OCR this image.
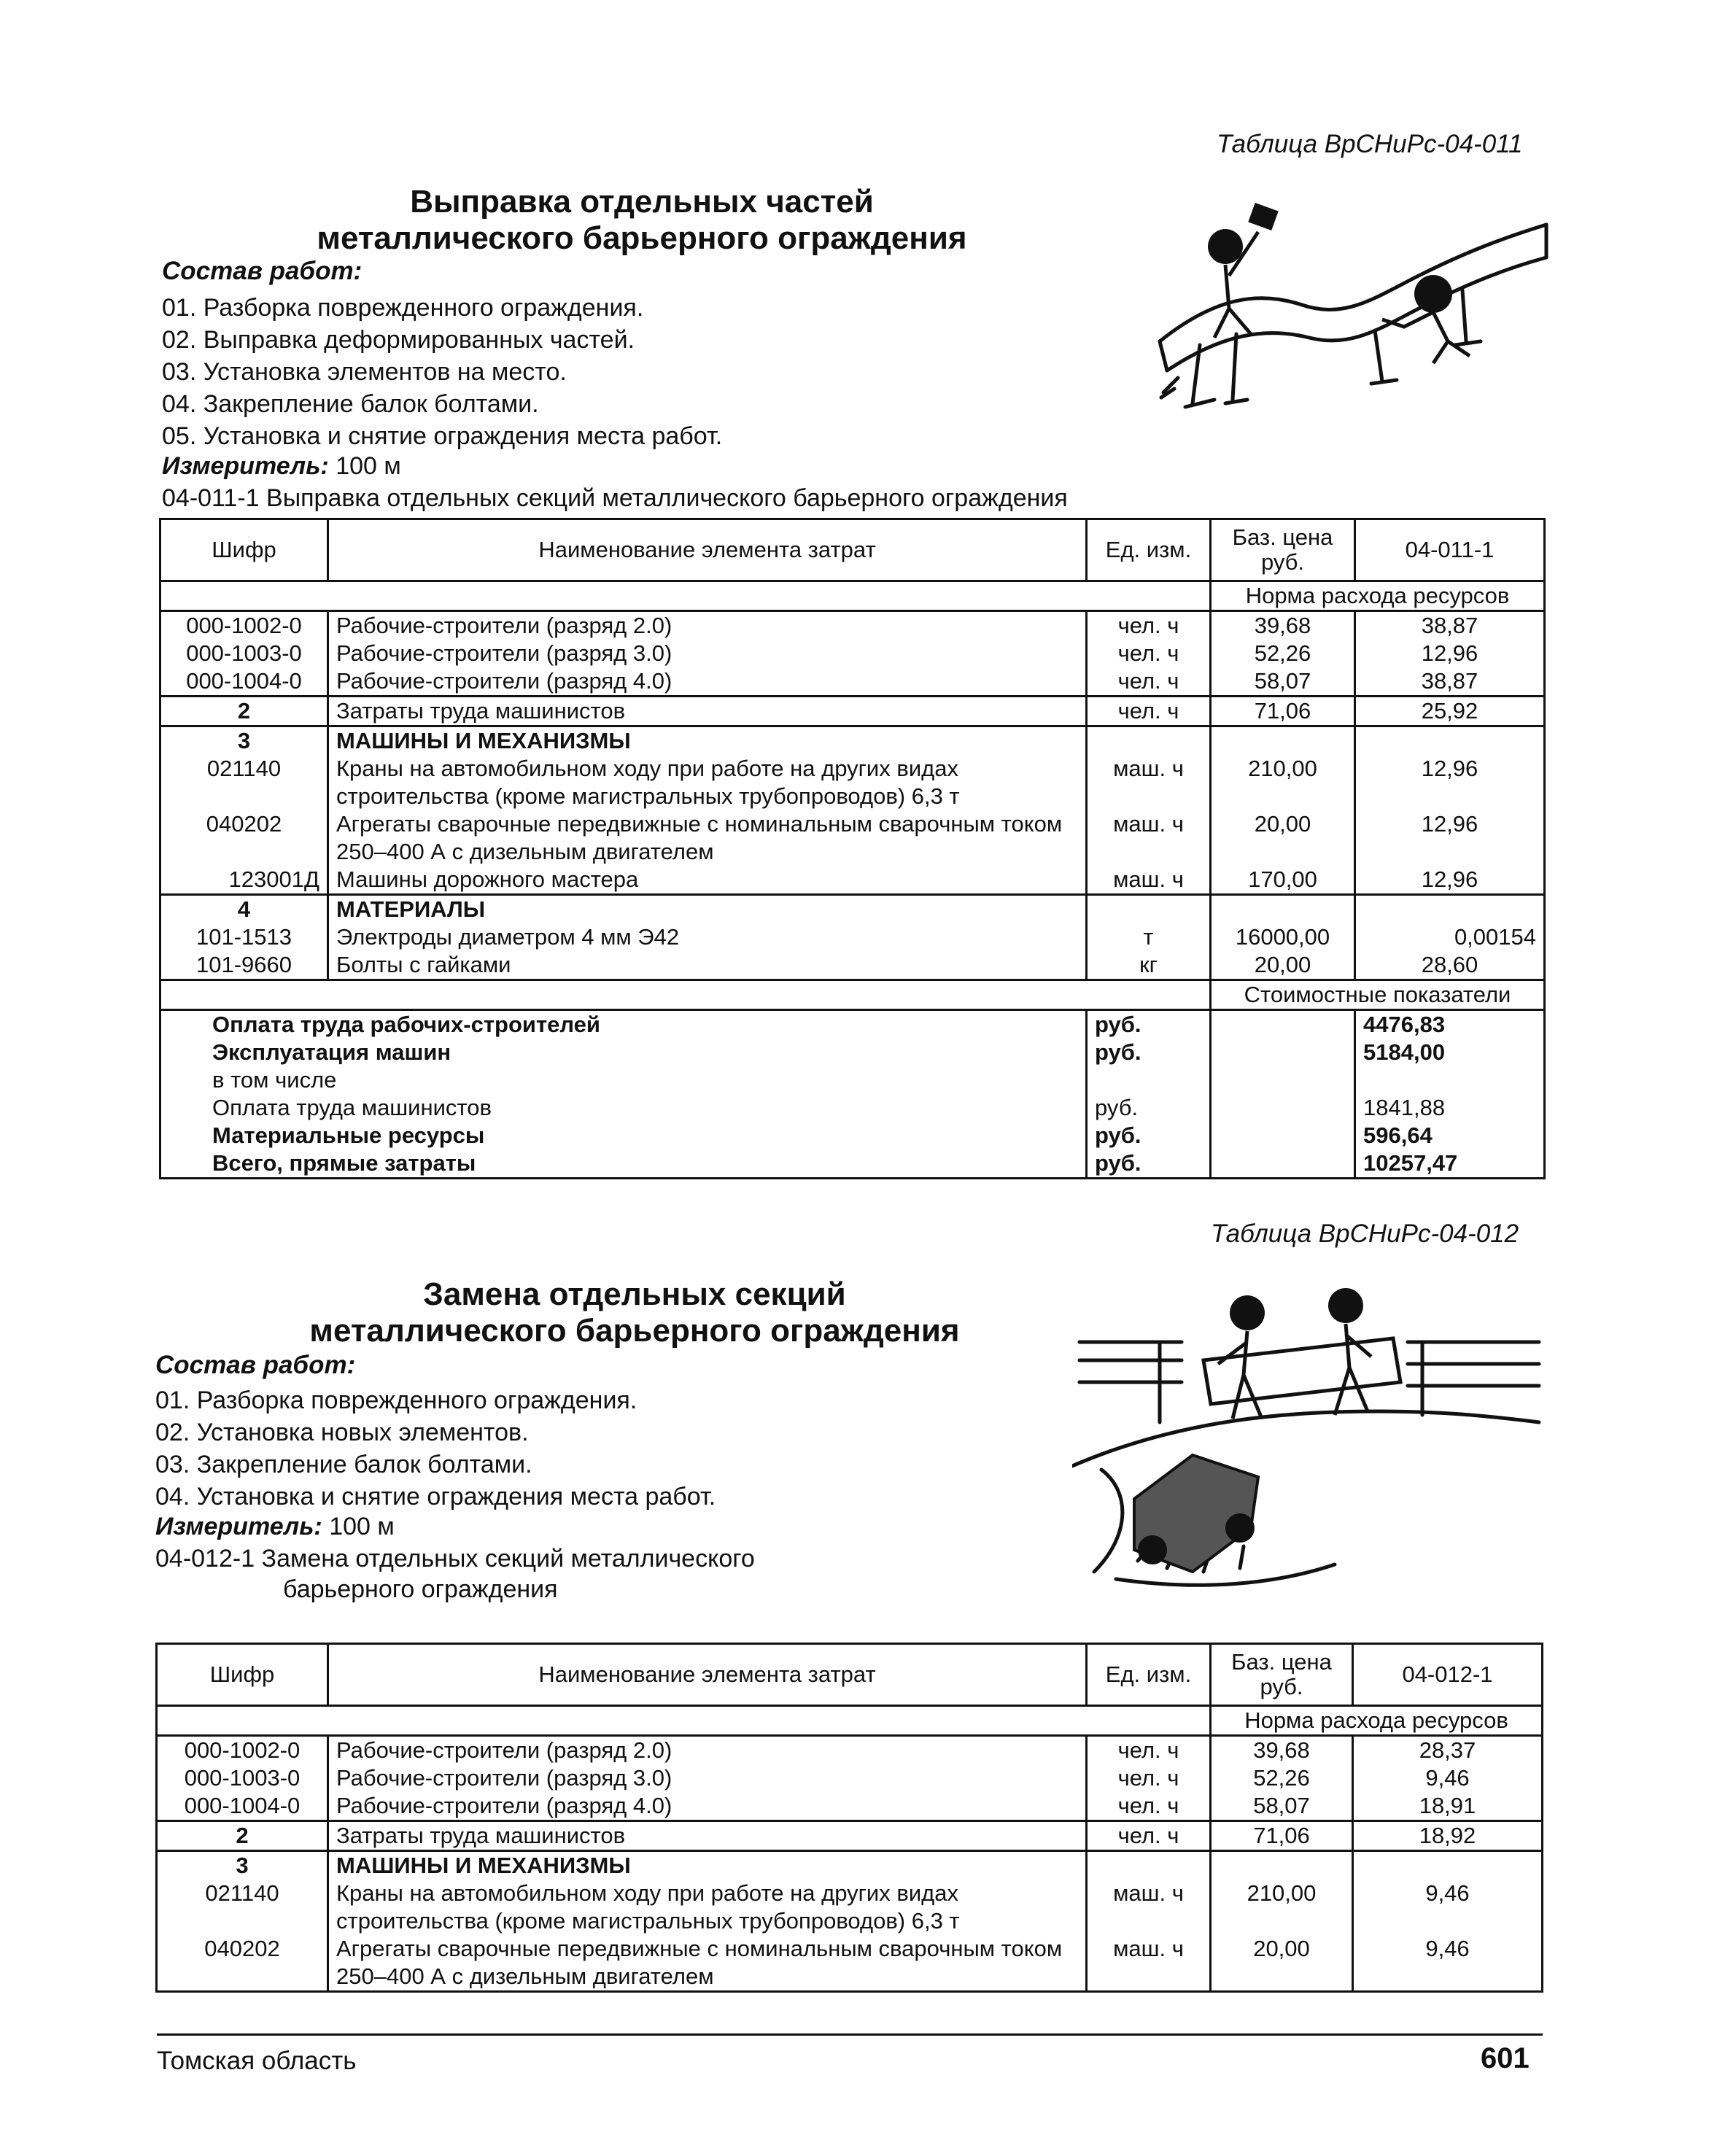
Таблица ВрСНиРс-04-011
Выправка отдельных частей
металлического барьерного ограждения
Состав работ:
01. Разборка поврежденного ограждения.
02. Выправка деформированных частей.
03. Установка элементов на место.
04. Закрепление балок болтами.
05. Установка и снятие ограждения места работ.
Измеритель: 100 м
04-011-1 Выправка отдельных секций металлического барьерного ограждения
Шифр	Наименование элемента затрат	Ед. изм.	Баз. цена руб.	04-011-1
			Норма расхода ресурсов	
000-1002-0	Рабочие-строители (разряд 2.0)	чел. ч	39,68	38,87
000-1003-0	Рабочие-строители (разряд 3.0)	чел. ч	52,26	12,96
000-1004-0	Рабочие-строители (разряд 4.0)	чел. ч	58,07	38,87
2	Затраты труда машинистов	чел. ч	71,06	25,92
3	МАШИНЫ И МЕХАНИЗМЫ			
021140	Краны на автомобильном ходу при работе на других видах строительства (кроме магистральных трубопроводов) 6,3 т	маш. ч	210,00	12,96
040202	Агрегаты сварочные передвижные с номинальным сварочным током 250–400 А с дизельным двигателем	маш. ч	20,00	12,96
123001Д	Машины дорожного мастера	маш. ч	170,00	12,96
4	МАТЕРИАЛЫ			
101-1513	Электроды диаметром 4 мм Э42	т	16000,00	0,00154
101-9660	Болты с гайками	кг	20,00	28,60
			Стоимостные показатели	
Оплата труда рабочих-строителей		руб.		4476,83
Эксплуатация машин		руб.		5184,00
в том числе				
Оплата труда машинистов		руб.		1841,88
Материальные ресурсы		руб.		596,64
Всего, прямые затраты		руб.		10257,47
Таблица ВрСНиРс-04-012
Замена отдельных секций
металлического барьерного ограждения
Состав работ:
01. Разборка поврежденного ограждения.
02. Установка новых элементов.
03. Закрепление балок болтами.
04. Установка и снятие ограждения места работ.
Измеритель: 100 м
04-012-1 Замена отдельных секций металлического
барьерного ограждения
Шифр	Наименование элемента затрат	Ед. изм.	Баз. цена руб.	04-012-1
			Норма расхода ресурсов	
000-1002-0	Рабочие-строители (разряд 2.0)	чел. ч	39,68	28,37
000-1003-0	Рабочие-строители (разряд 3.0)	чел. ч	52,26	9,46
000-1004-0	Рабочие-строители (разряд 4.0)	чел. ч	58,07	18,91
2	Затраты труда машинистов	чел. ч	71,06	18,92
3	МАШИНЫ И МЕХАНИЗМЫ			
021140	Краны на автомобильном ходу при работе на других видах строительства (кроме магистральных трубопроводов) 6,3 т	маш. ч	210,00	9,46
040202	Агрегаты сварочные передвижные с номинальным сварочным током 250–400 А с дизельным двигателем	маш. ч	20,00	9,46
Томская область	601
